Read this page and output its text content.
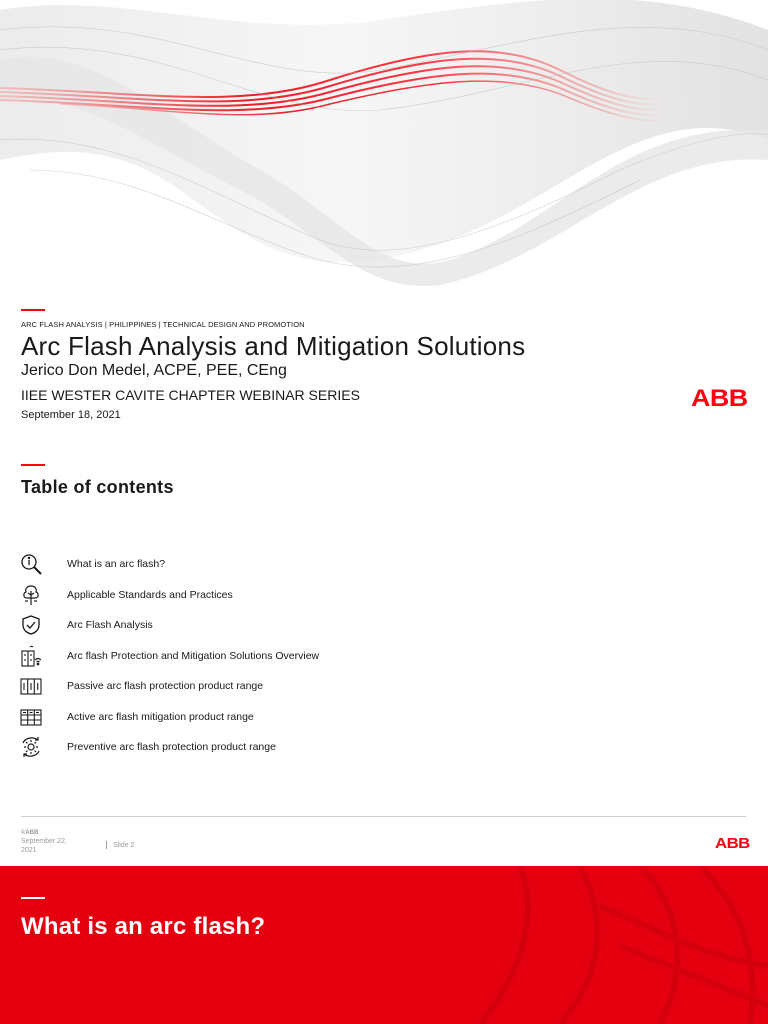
ARC FLASH ANALYSIS | PHILIPPINES | TECHNICAL DESIGN AND PROMOTION
Arc Flash Analysis and Mitigation Solutions
Jerico Don Medel, ACPE, PEE, CEng
IIEE WESTER CAVITE CHAPTER WEBINAR SERIES
September 18, 2021
ABB
Table of contents
What is an arc flash?
Applicable Standards and Practices
Arc Flash Analysis
Arc flash Protection and Mitigation Solutions Overview
Passive arc flash protection product range
Active arc flash mitigation product range
Preventive arc flash protection product range
©ABB
September 22, 2021
Slide 2	ABB
What is an arc flash?
